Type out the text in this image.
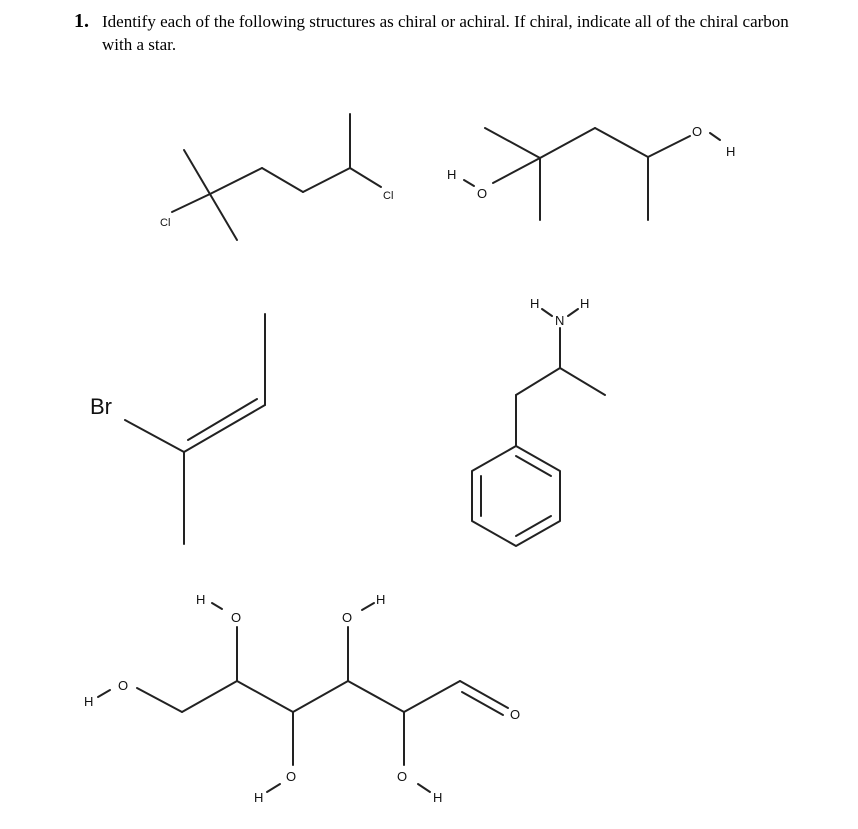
1. Identify each of the following structures as chiral or achiral. If chiral, indicate all of the chiral carbon with a star.
Cl
Cl
H
O
O
H
Br
H
N
H
H
O
H
O	O
H
H
O	O
H
O
